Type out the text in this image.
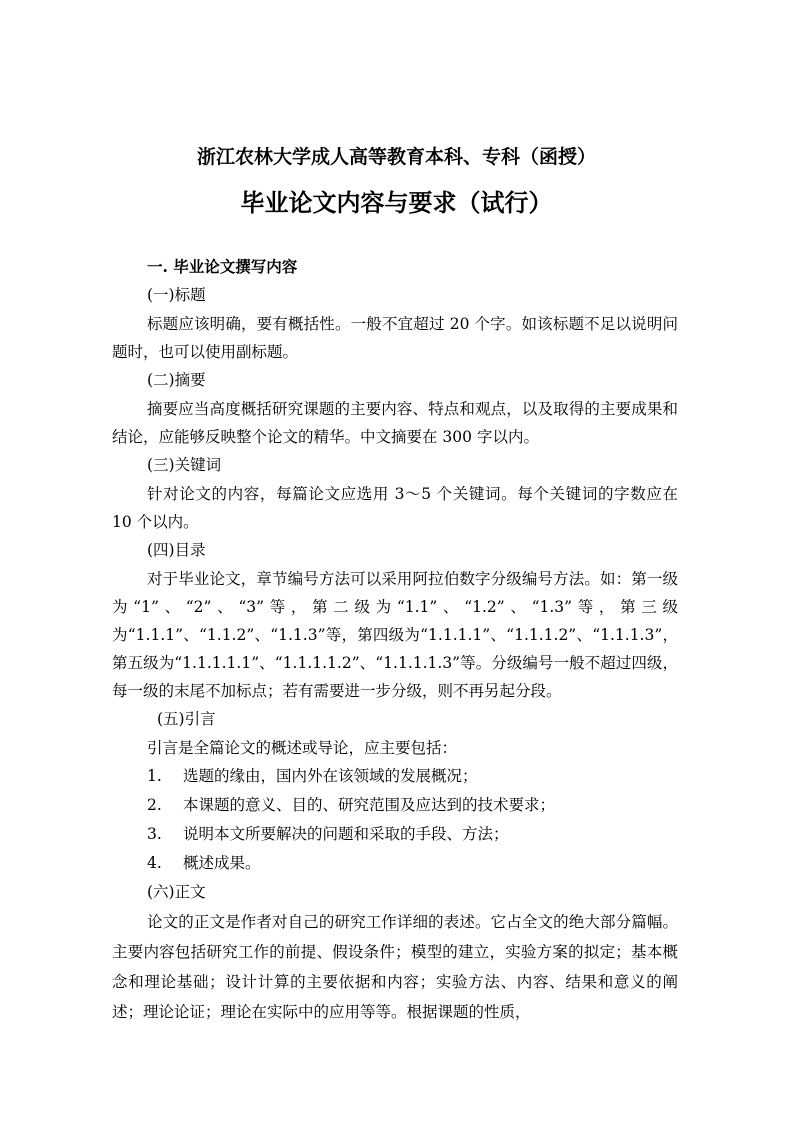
浙江农林大学成人高等教育本科、专科（函授）
毕业论文内容与要求（试行）

一. 毕业论文撰写内容

(一)标题

标题应该明确，要有概括性。一般不宜超过 20 个字。如该标题不足以说明问题时，也可以使用副标题。

(二)摘要

摘要应当高度概括研究课题的主要内容、特点和观点，以及取得的主要成果和结论，应能够反映整个论文的精华。中文摘要在 300 字以内。

(三)关键词

针对论文的内容，每篇论文应选用 3～5 个关键词。每个关键词的字数应在 10 个以内。

(四)目录

对于毕业论文，章节编号方法可以采用阿拉伯数字分级编号方法。如：第一级为“1”、“2”、“3”等，第二级为“1.1”、“1.2”、“1.3”等，第三级为“1.1.1”、“1.1.2”、“1.1.3”等，第四级为“1.1.1.1”、“1.1.1.2”、“1.1.1.3”，第五级为“1.1.1.1.1”、“1.1.1.1.2”、“1.1.1.1.3”等。分级编号一般不超过四级，每一级的末尾不加标点；若有需要进一步分级，则不再另起分段。

(五)引言

引言是全篇论文的概述或导论，应主要包括：

1. 选题的缘由，国内外在该领域的发展概况；

2. 本课题的意义、目的、研究范围及应达到的技术要求；

3. 说明本文所要解决的问题和采取的手段、方法；

4. 概述成果。

(六)正文

论文的正文是作者对自己的研究工作详细的表述。它占全文的绝大部分篇幅。主要内容包括研究工作的前提、假设条件；模型的建立，实验方案的拟定；基本概念和理论基础；设计计算的主要依据和内容；实验方法、内容、结果和意义的阐述；理论论证；理论在实际中的应用等等。根据课题的性质，
